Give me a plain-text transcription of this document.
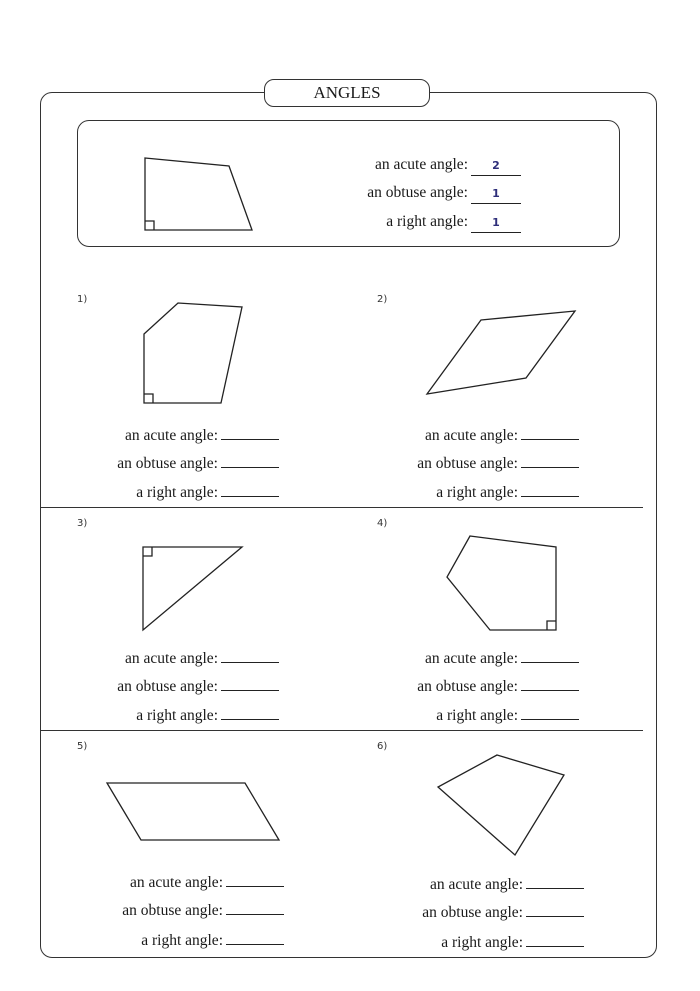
ANGLES
an acute angle: 2
an obtuse angle: 1
a right angle: 1
1)
an acute angle:
an obtuse angle:
a right angle:
2)
an acute angle:
an obtuse angle:
a right angle:
3)
an acute angle:
an obtuse angle:
a right angle:
4)
an acute angle:
an obtuse angle:
a right angle:
5)
an acute angle:
an obtuse angle:
a right angle:
6)
an acute angle:
an obtuse angle:
a right angle:
